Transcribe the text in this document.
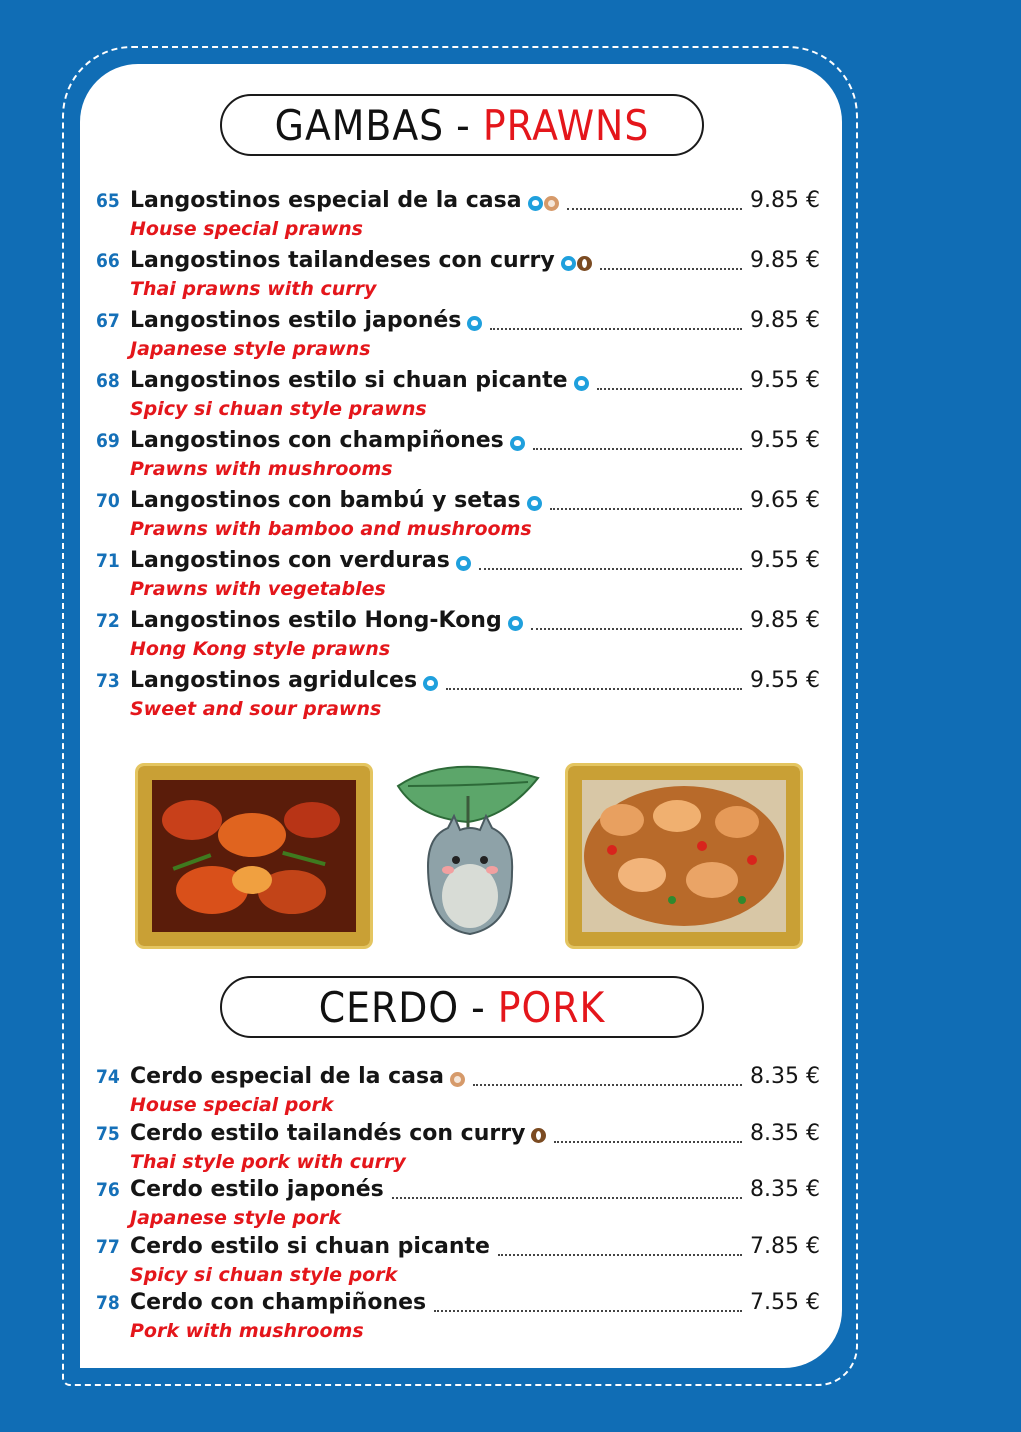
GAMBAS - PRAWNS
65 Langostinos especial de la casa	9.85 €
House special prawns
66 Langostinos tailandeses con curry	9.85 €
Thai prawns with curry
67 Langostinos estilo japonés	9.85 €
Japanese style prawns
68 Langostinos estilo si chuan picante	9.55 €
Spicy si chuan style prawns
69 Langostinos con champiñones	9.55 €
Prawns with mushrooms
70 Langostinos con bambú y setas	9.65 €
Prawns with bamboo and mushrooms
71 Langostinos con verduras	9.55 €
Prawns with vegetables
72 Langostinos estilo Hong-Kong	9.85 €
Hong Kong style prawns
73 Langostinos agridulces	9.55 €
Sweet and sour prawns
CERDO - PORK
74 Cerdo especial de la casa	8.35 €
House special pork
75 Cerdo estilo tailandés con curry	8.35 €
Thai style pork with curry
76 Cerdo estilo japonés	8.35 €
Japanese style pork
77 Cerdo estilo si chuan picante	7.85 €
Spicy si chuan style pork
78 Cerdo con champiñones	7.55 €
Pork with mushrooms
